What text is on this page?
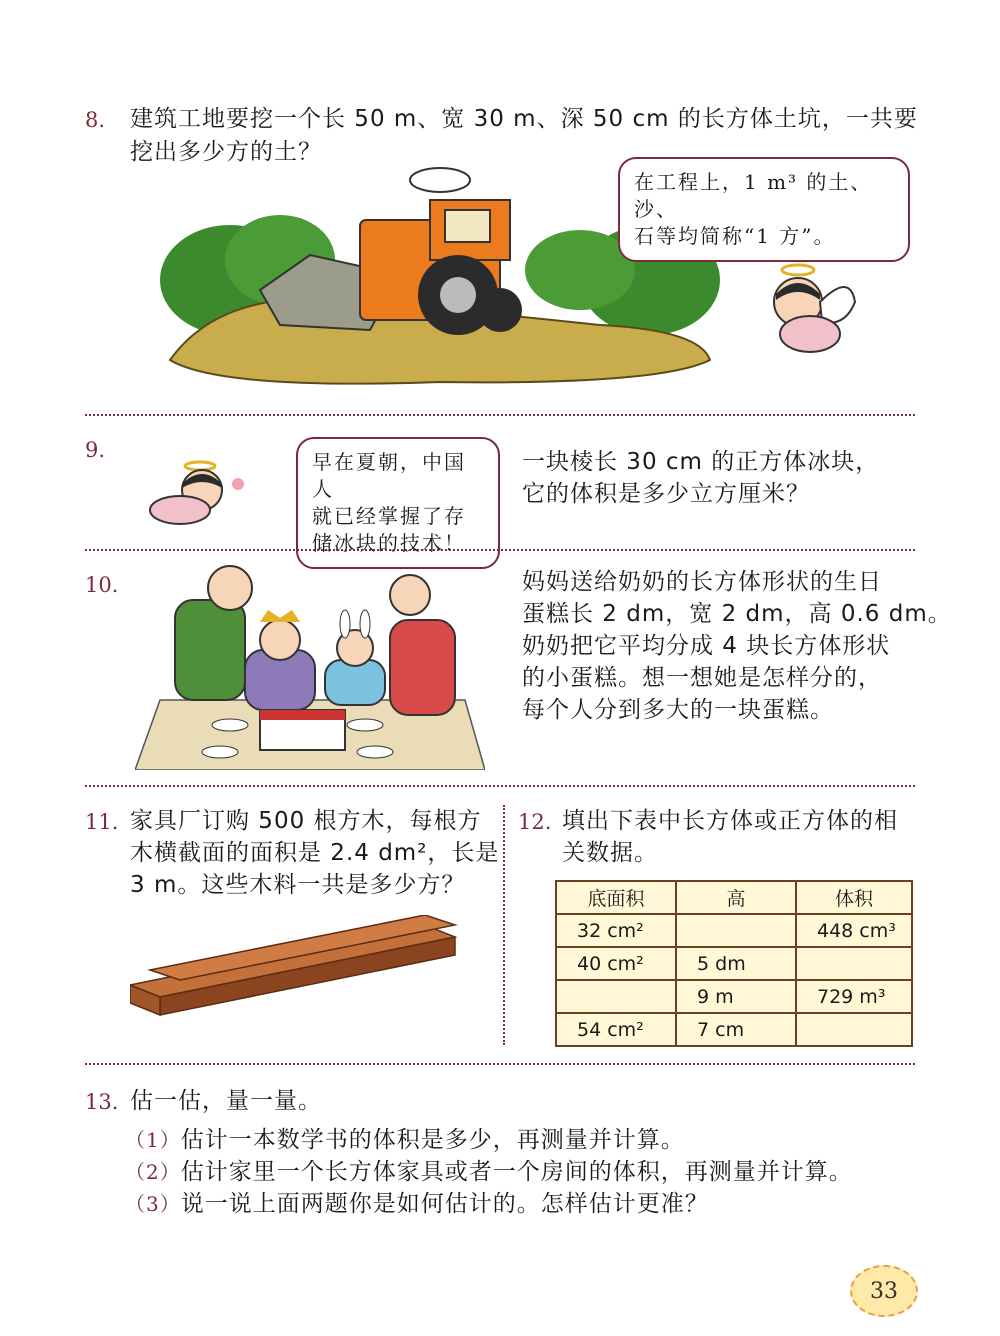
8. 建筑工地要挖一个长 50 m、宽 30 m、深 50 cm 的长方体土坑，一共要
挖出多少方的土？
在工程上，1 m³ 的土、沙、
石等均简称“1 方”。
9.	早在夏朝，中国人
就已经掌握了存
储冰块的技术！
一块棱长 30 cm 的正方体冰块，
它的体积是多少立方厘米？
10.	妈妈送给奶奶的长方体形状的生日
蛋糕长 2 dm，宽 2 dm，高 0.6 dm。
奶奶把它平均分成 4 块长方体形状
的小蛋糕。想一想她是怎样分的，
每个人分到多大的一块蛋糕。
11. 家具厂订购 500 根方木，每根方
木横截面的面积是 2.4 dm²，长是
3 m。这些木料一共是多少方？
12. 填出下表中长方体或正方体的相
关数据。
底面积	高	体积
32 cm²		448 cm³
40 cm²	5 dm	
	9 m	729 m³
54 cm²	7 cm	
13. 估一估，量一量。
（1）估计一本数学书的体积是多少，再测量并计算。
（2）估计家里一个长方体家具或者一个房间的体积，再测量并计算。
（3）说一说上面两题你是如何估计的。怎样估计更准？
33
